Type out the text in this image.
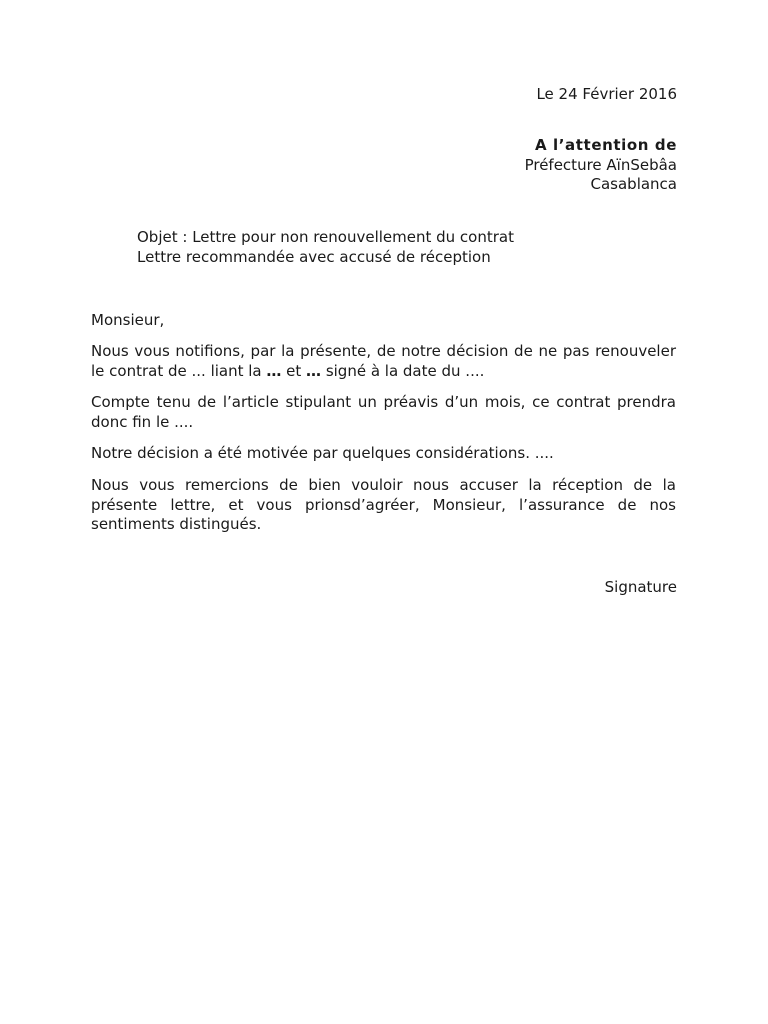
Le 24 Février 2016
A l’attention de
Préfecture AïnSebâa
Casablanca
Objet : Lettre pour non renouvellement du contrat
Lettre recommandée avec accusé de réception
Monsieur,
Nous vous notifions, par la présente, de notre décision de ne pas renouveler le contrat de ... liant la … et … signé à la date du ....
Compte tenu de l’article stipulant un préavis d’un mois, ce contrat prendra donc fin le ....
Notre décision a été motivée par quelques considérations. ....
Nous vous remercions de bien vouloir nous accuser la réception de la présente lettre, et vous prionsd’agréer, Monsieur, l’assurance de nos sentiments distingués.
Signature
